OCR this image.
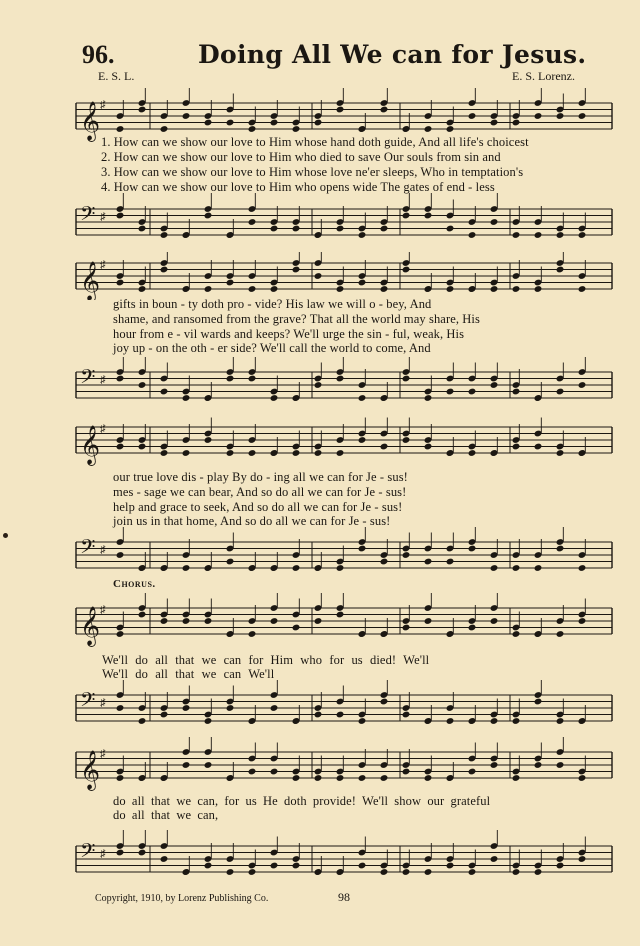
96.	Doing All We can for Jesus.
E. S. L.	E. S. Lorenz.
𝄞 ♯
𝄢 ♯
1. How can we show our love to Him whose hand doth guide, And all life's choicest
2. How can we show our love to Him who died to save Our souls from sin and
3. How can we show our love to Him whose love ne'er sleeps, Who in temptation's
4. How can we show our love to Him who opens wide The gates of end - less
𝄞 ♯
𝄢 ♯
gifts in boun - ty doth pro - vide? His law we will o - bey, And
shame, and ransomed from the grave? That all the world may share, His
hour from e - vil wards and keeps? We'll urge the sin - ful, weak, His
joy up - on the oth - er side? We'll call the world to come, And
𝄞 ♯
𝄢 ♯
our true love dis - play By do - ing all we can for Je - sus!
mes - sage we can bear, And so do all we can for Je - sus!
help and grace to seek, And so do all we can for Je - sus!
join us in that home, And so do all we can for Je - sus!
Chorus.
𝄞 ♯
We'll do all that we can for Him who for us died! We'll
We'll do all that we can We'll
𝄢 ♯
𝄞 ♯
do all that we can, for us He doth provide! We'll show our grateful
do all that we can,
𝄢 ♯
Copyright, 1910, by Lorenz Publishing Co.	98
